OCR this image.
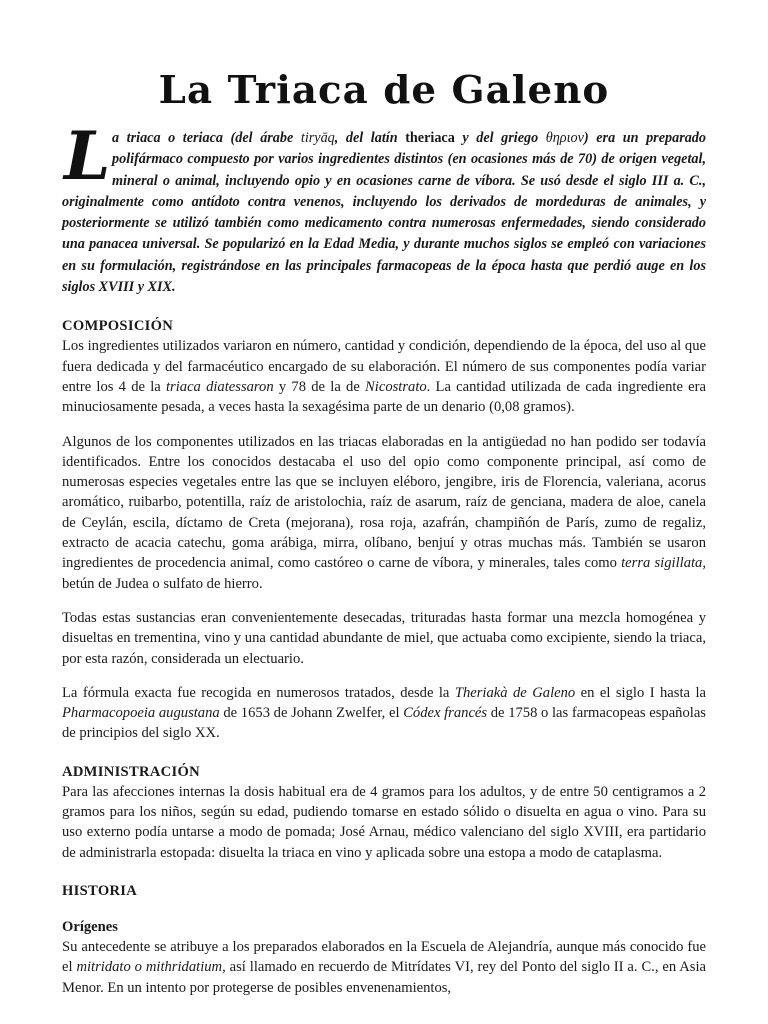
La Triaca de Galeno
L a triaca o teriaca (del árabe tiryāq, del latín theriaca y del griego θηριον) era un preparado polifármaco compuesto por varios ingredientes distintos (en ocasiones más de 70) de origen vegetal, mineral o animal, incluyendo opio y en ocasiones carne de víbora. Se usó desde el siglo III a. C., originalmente como antídoto contra venenos, incluyendo los derivados de mordeduras de animales, y posteriormente se utilizó también como medicamento contra numerosas enfermedades, siendo considerado una panacea universal. Se popularizó en la Edad Media, y durante muchos siglos se empleó con variaciones en su formulación, registrándose en las principales farmacopeas de la época hasta que perdió auge en los siglos XVIII y XIX.

COMPOSICIÓN

Los ingredientes utilizados variaron en número, cantidad y condición, dependiendo de la época, del uso al que fuera dedicada y del farmacéutico encargado de su elaboración. El número de sus componentes podía variar entre los 4 de la triaca diatessaron y 78 de la de Nicostrato. La cantidad utilizada de cada ingrediente era minuciosamente pesada, a veces hasta la sexagésima parte de un denario (0,08 gramos).

Algunos de los componentes utilizados en las triacas elaboradas en la antigüedad no han podido ser todavía identificados. Entre los conocidos destacaba el uso del opio como componente principal, así como de numerosas especies vegetales entre las que se incluyen eléboro, jengibre, iris de Florencia, valeriana, acorus aromático, ruibarbo, potentilla, raíz de aristolochia, raíz de asarum, raíz de genciana, madera de aloe, canela de Ceylán, escila, díctamo de Creta (mejorana), rosa roja, azafrán, champiñón de París, zumo de regaliz, extracto de acacia catechu, goma arábiga, mirra, olíbano, benjuí y otras muchas más. También se usaron ingredientes de procedencia animal, como castóreo o carne de víbora, y minerales, tales como terra sigillata, betún de Judea o sulfato de hierro.

Todas estas sustancias eran convenientemente desecadas, trituradas hasta formar una mezcla homogénea y disueltas en trementina, vino y una cantidad abundante de miel, que actuaba como excipiente, siendo la triaca, por esta razón, considerada un electuario.

La fórmula exacta fue recogida en numerosos tratados, desde la Theriakà de Galeno en el siglo I hasta la Pharmacopoeia augustana de 1653 de Johann Zwelfer, el Códex francés de 1758 o las farmacopeas españolas de principios del siglo XX.

ADMINISTRACIÓN

Para las afecciones internas la dosis habitual era de 4 gramos para los adultos, y de entre 50 centigramos a 2 gramos para los niños, según su edad, pudiendo tomarse en estado sólido o disuelta en agua o vino. Para su uso externo podía untarse a modo de pomada; José Arnau, médico valenciano del siglo XVIII, era partidario de administrarla estopada: disuelta la triaca en vino y aplicada sobre una estopa a modo de cataplasma.

HISTORIA
Orígenes

Su antecedente se atribuye a los preparados elaborados en la Escuela de Alejandría, aunque más conocido fue el mitridato o mithridatium, así llamado en recuerdo de Mitrídates VI, rey del Ponto del siglo II a. C., en Asia Menor. En un intento por protegerse de posibles envenenamientos,
